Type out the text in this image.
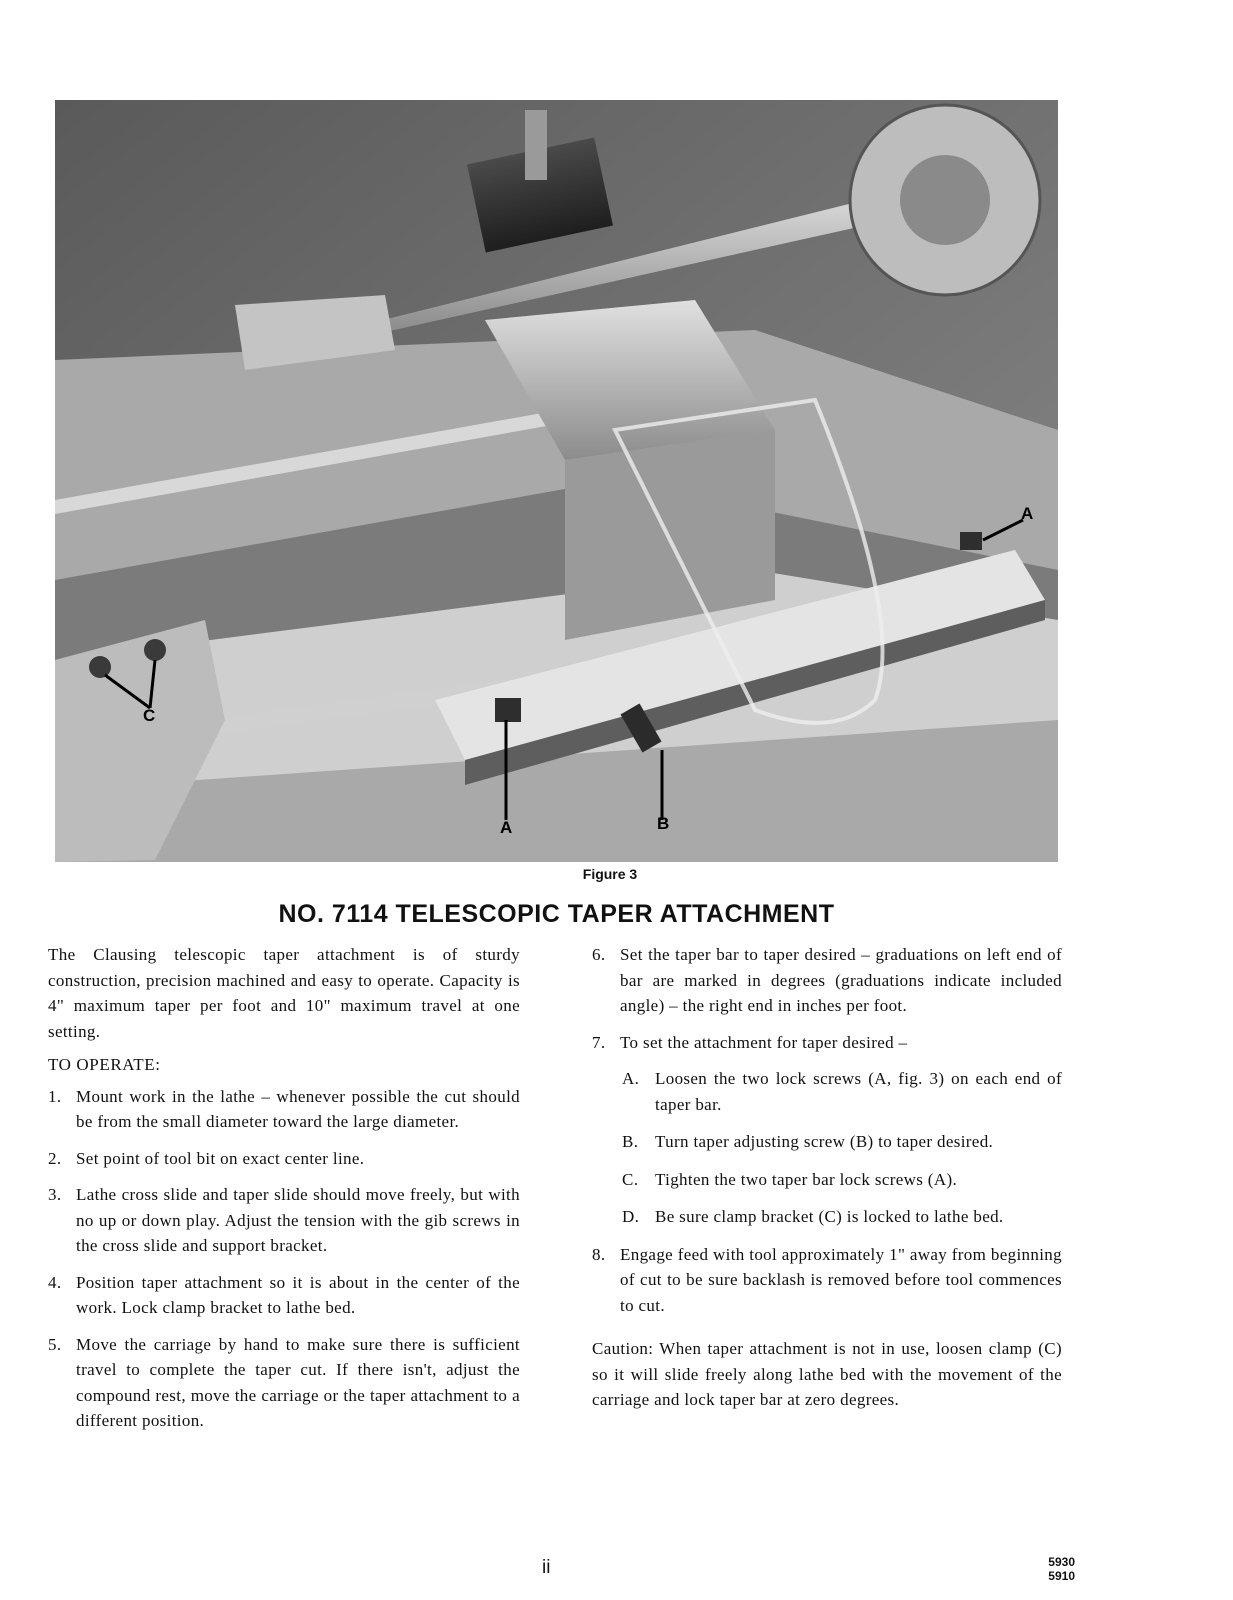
A
A	B
C
Figure 3
NO. 7114 TELESCOPIC TAPER ATTACHMENT

The Clausing telescopic taper attachment is of sturdy construction, precision machined and easy to operate. Capacity is 4" maximum taper per foot and 10" maximum travel at one setting.

TO OPERATE:

1. Mount work in the lathe – whenever possible the cut should be from the small diameter toward the large diameter.
2. Set point of tool bit on exact center line.
3. Lathe cross slide and taper slide should move freely, but with no up or down play. Adjust the tension with the gib screws in the cross slide and support bracket.
4. Position taper attachment so it is about in the center of the work. Lock clamp bracket to lathe bed.
5. Move the carriage by hand to make sure there is sufficient travel to complete the taper cut. If there isn't, adjust the compound rest, move the carriage or the taper attachment to a different position.
6. Set the taper bar to taper desired – graduations on left end of bar are marked in degrees (graduations indicate included angle) – the right end in inches per foot.
7. To set the attachment for taper desired –
A. Loosen the two lock screws (A, fig. 3) on each end of taper bar.
B. Turn taper adjusting screw (B) to taper desired.
C. Tighten the two taper bar lock screws (A).
D. Be sure clamp bracket (C) is locked to lathe bed.
8. Engage feed with tool approximately 1" away from beginning of cut to be sure backlash is removed before tool commences to cut.

Caution: When taper attachment is not in use, loosen clamp (C) so it will slide freely along lathe bed with the movement of the carriage and lock taper bar at zero degrees.

ii	5930
5910
